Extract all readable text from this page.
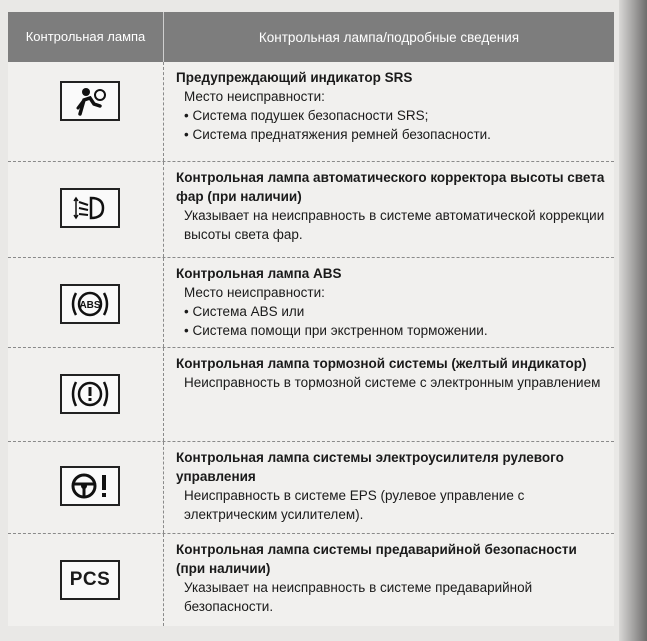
Контрольная лампа	Контрольная лампа/подробные сведения
Предупреждающий индикатор SRS
Место неисправности:
• Система подушек безопасности SRS;
• Система преднатяжения ремней безопасности.
Контрольная лампа автоматического корректора высоты света фар (при наличии)
Указывает на неисправность в системе автоматической коррекции высоты света фар.
ABS
Контрольная лампа ABS
Место неисправности:
• Система ABS или
• Система помощи при экстренном торможении.
Контрольная лампа тормозной системы (желтый индикатор)
Неисправность в тормозной системе с электронным управлением
Контрольная лампа системы электроусилителя рулевого управления
Неисправность в системе EPS (рулевое управление с электрическим усилителем).
PCS
Контрольная лампа системы предаварийной безопасности (при наличии)
Указывает на неисправность в системе предаварийной безопасности.
